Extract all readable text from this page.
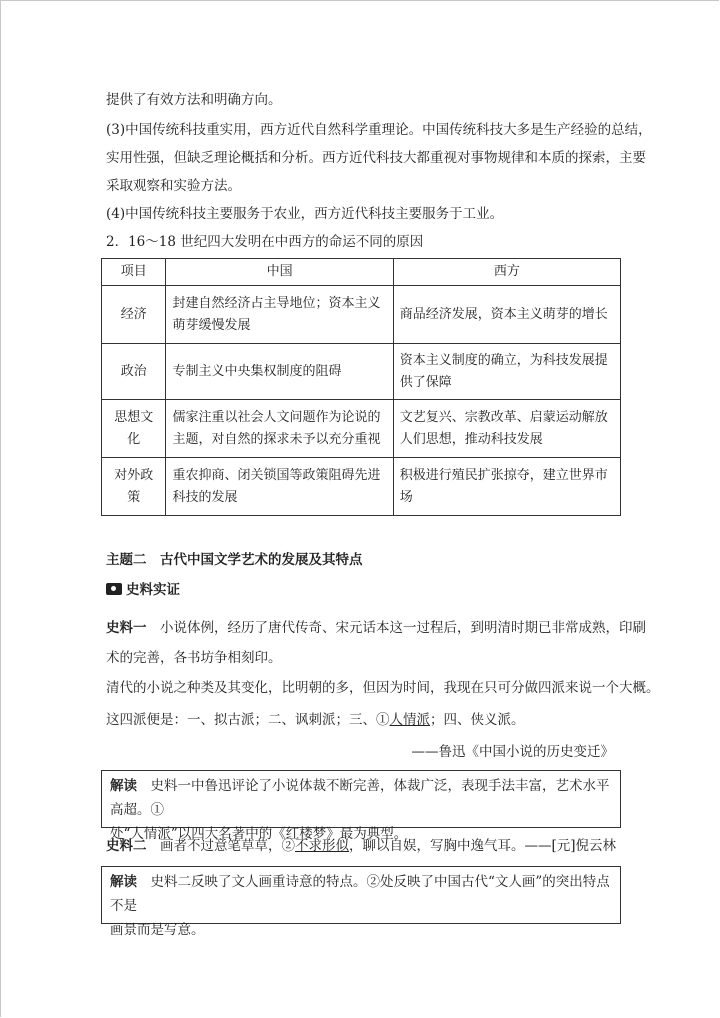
提供了有效方法和明确方向。
(3)中国传统科技重实用，西方近代自然科学重理论。中国传统科技大多是生产经验的总结，
实用性强，但缺乏理论概括和分析。西方近代科技大都重视对事物规律和本质的探索，主要
采取观察和实验方法。
(4)中国传统科技主要服务于农业，西方近代科技主要服务于工业。
2．16～18 世纪四大发明在中西方的命运不同的原因
项目	中国	西方
经济	封建自然经济占主导地位；资本主义萌芽缓慢发展	商品经济发展，资本主义萌芽的增长
政治	专制主义中央集权制度的阻碍	资本主义制度的确立，为科技发展提供了保障
思想文化	儒家注重以社会人文问题作为论说的主题，对自然的探求未予以充分重视	文艺复兴、宗教改革、启蒙运动解放人们思想，推动科技发展
对外政策	重农抑商、闭关锁国等政策阻碍先进科技的发展	积极进行殖民扩张掠夺，建立世界市场
主题二　古代中国文学艺术的发展及其特点
史料实证
史料一　 小说体例，经历了唐代传奇、宋元话本这一过程后，到明清时期已非常成熟，印刷
术的完善，各书坊争相刻印。
清代的小说之种类及其变化，比明朝的多，但因为时间，我现在只可分做四派来说一个大概。
这四派便是：一、拟古派；二、讽刺派；三、①人情派；四、侠义派。
——鲁迅《中国小说的历史变迁》
解读　 史料一中鲁迅评论了小说体裁不断完善，体裁广泛，表现手法丰富，艺术水平高超。①
处“人情派”以四大名著中的《红楼梦》最为典型。
史料二　 画者不过意笔草草，②不求形似，聊以自娱，写胸中逸气耳。——[元]倪云林
解读　 史料二反映了文人画重诗意的特点。②处反映了中国古代“文人画”的突出特点不是
画景而是写意。
